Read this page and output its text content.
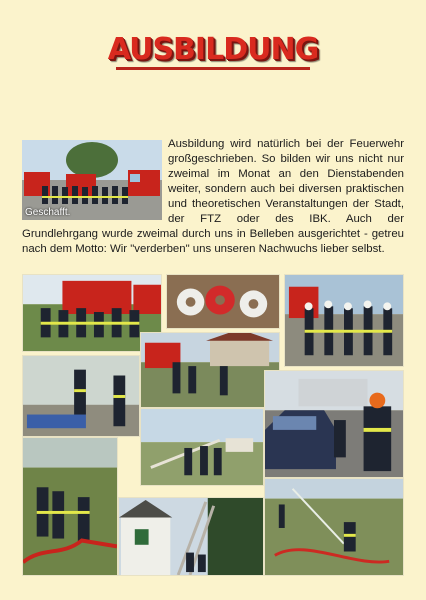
AUSBILDUNG

Ausbildung wird natürlich bei der Feuerwehr großgeschrieben. So bilden wir uns nicht nur zweimal im Monat an den Dienstabenden weiter, sondern auch bei diversen praktischen und theoretischen Veranstaltungen der Stadt, der FTZ oder des IBK. Auch der Grundlehrgang wurde zweimal durch uns in Belleben ausgerichtet - getreu nach dem Motto: Wir "verderben" uns unseren Nachwuchs lieber selbst.

Geschafft.
